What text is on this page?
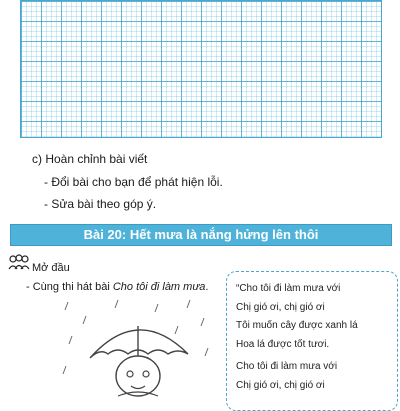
c) Hoàn chỉnh bài viết
- Đổi bài cho bạn để phát hiện lỗi.
- Sửa bài theo góp ý.
Bài 20: Hết mưa là nắng hửng lên thôi
Mở đầu
- Cùng thi hát bài Cho tôi đi làm mưa.	“Cho tôi đi làm mưa với
Chị gió ơi, chị gió ơi
Tôi muốn cây được xanh lá
Hoa lá được tốt tươi.
Cho tôi đi làm mưa với
Chị gió ơi, chị gió ơi
